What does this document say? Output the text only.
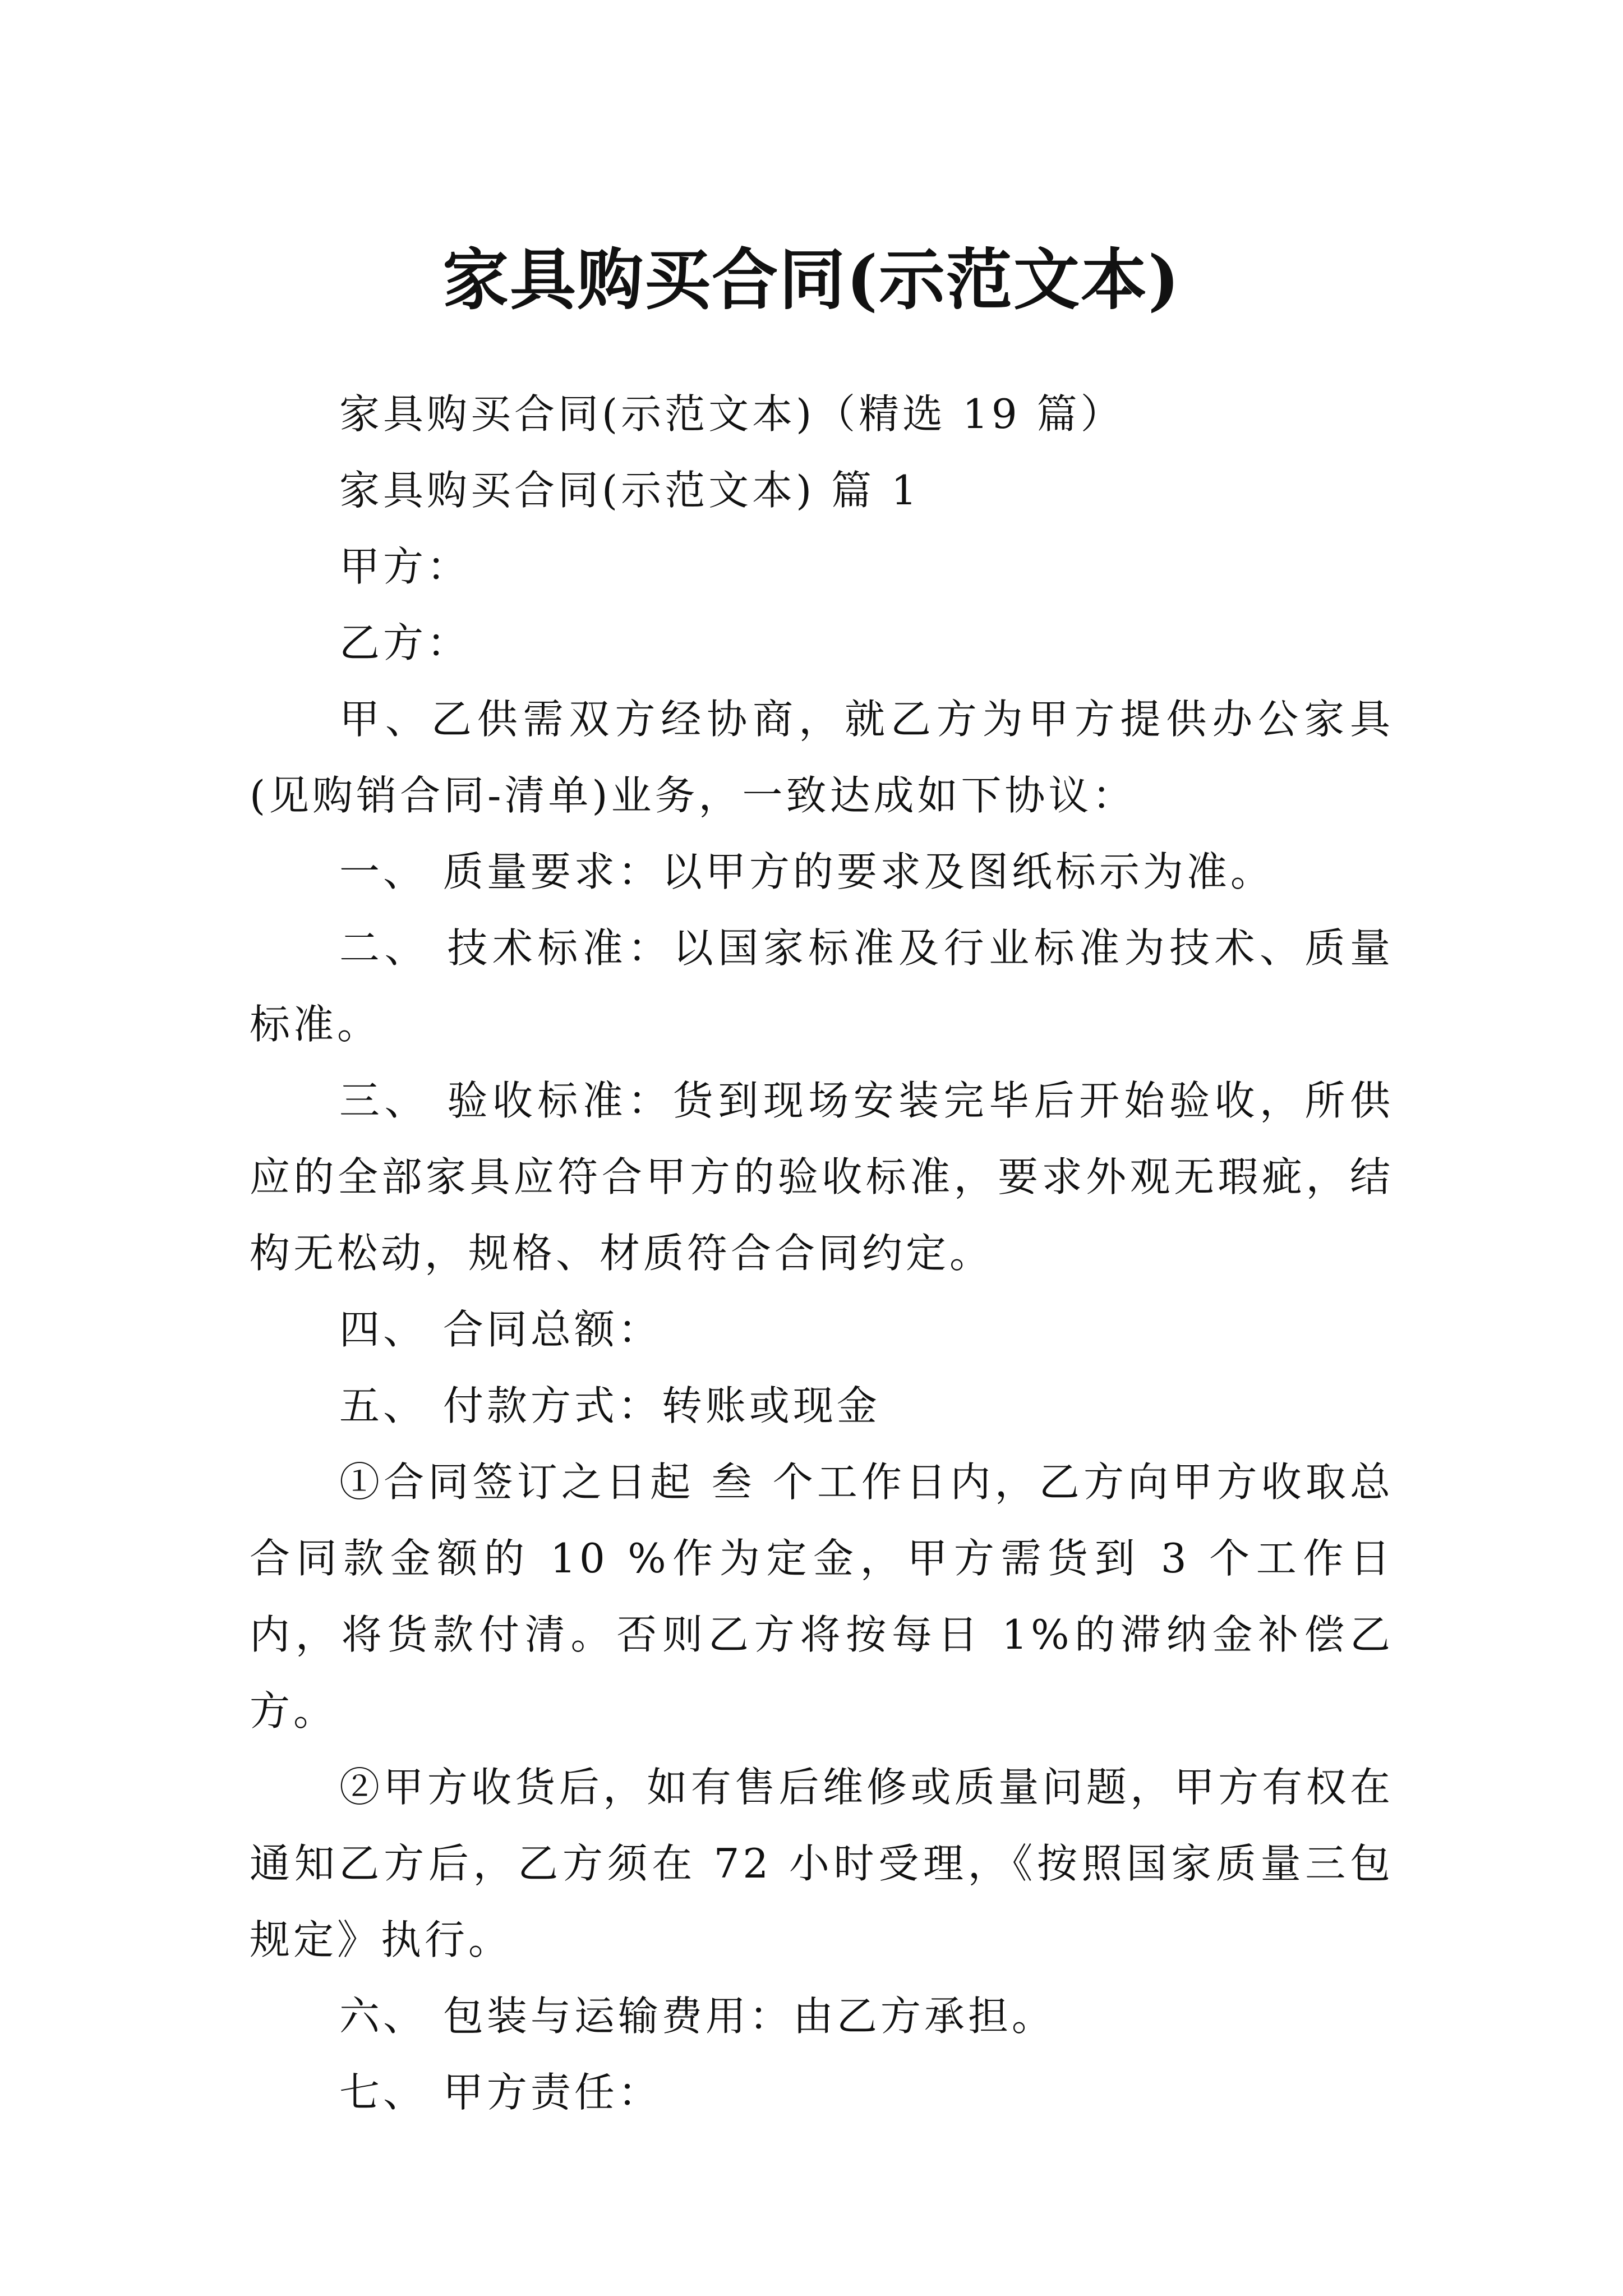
家具购买合同(示范文本)

家具购买合同(示范文本)（精选 19 篇）

家具购买合同(示范文本) 篇 1

甲方：

乙方：

甲、乙供需双方经协商，就乙方为甲方提供办公家具(见购销合同-清单)业务，一致达成如下协议：

一、 质量要求：以甲方的要求及图纸标示为准。

二、 技术标准：以国家标准及行业标准为技术、质量标准。

三、 验收标准：货到现场安装完毕后开始验收，所供应的全部家具应符合甲方的验收标准，要求外观无瑕疵，结构无松动，规格、材质符合合同约定。

四、 合同总额：

五、 付款方式：转账或现金

①合同签订之日起 叁 个工作日内，乙方向甲方收取总合同款金额的 10 %作为定金，甲方需货到 3 个工作日内，将货款付清。否则乙方将按每日 1%的滞纳金补偿乙方。

②甲方收货后，如有售后维修或质量问题，甲方有权在通知乙方后，乙方须在 72 小时受理，《按照国家质量三包规定》执行。

六、 包装与运输费用：由乙方承担。

七、 甲方责任：
